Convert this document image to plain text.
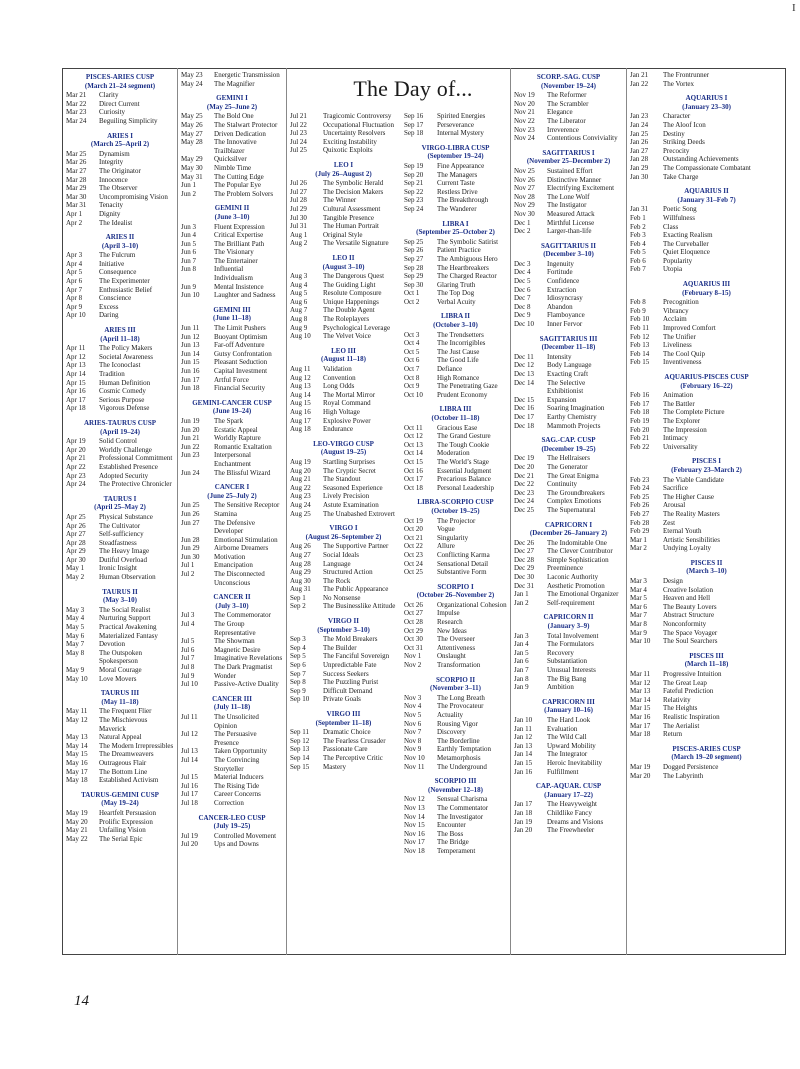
I
PISCES-ARIES CUSP
(March 21–24 segment)
Mar 21	Clarity
Mar 22	Direct Current
Mar 23	Curiosity
Mar 24	Beguiling Simplicity
ARIES I
(March 25–April 2)
Mar 25	Dynamism
Mar 26	Integrity
Mar 27	The Originator
Mar 28	Innocence
Mar 29	The Observer
Mar 30	Uncompromising Vision
Mar 31	Tenacity
Apr 1	Dignity
Apr 2	The Idealist
ARIES II
(April 3–10)
Apr 3	The Fulcrum
Apr 4	Initiative
Apr 5	Consequence
Apr 6	The Experimenter
Apr 7	Enthusiastic Belief
Apr 8	Conscience
Apr 9	Excess
Apr 10	Daring
ARIES III
(April 11–18)
Apr 11	The Policy Makers
Apr 12	Societal Awareness
Apr 13	The Iconoclast
Apr 14	Tradition
Apr 15	Human Definition
Apr 16	Cosmic Comedy
Apr 17	Serious Purpose
Apr 18	Vigorous Defense
ARIES-TAURUS CUSP
(April 19–24)
Apr 19	Solid Control
Apr 20	Worldly Challenge
Apr 21	Professional Commitment
Apr 22	Established Presence
Apr 23	Adopted Security
Apr 24	The Protective Chronicler
TAURUS I
(April 25–May 2)
Apr 25	Physical Substance
Apr 26	The Cultivator
Apr 27	Self-sufficiency
Apr 28	Steadfastness
Apr 29	The Heavy Image
Apr 30	Dutiful Overload
May 1	Ironic Insight
May 2	Human Observation
TAURUS II
(May 3–10)
May 3	The Social Realist
May 4	Nurturing Support
May 5	Practical Awakening
May 6	Materialized Fantasy
May 7	Devotion
May 8	The Outspoken Spokesperson
May 9	Moral Courage
May 10	Love Movers
TAURUS III
(May 11–18)
May 11	The Frequent Flier
May 12	The Mischievous Maverick
May 13	Natural Appeal
May 14	The Modern Irrepressibles
May 15	The Dreamweavers
May 16	Outrageous Flair
May 17	The Bottom Line
May 18	Established Activism
TAURUS-GEMINI CUSP
(May 19–24)
May 19	Heartfelt Persuasion
May 20	Prolific Expression
May 21	Unfailing Vision
May 22	The Serial Epic
May 23	Energetic Transmission
May 24	The Magnifier
GEMINI I
(May 25–June 2)
May 25	The Bold One
May 26	The Stalwart Protector
May 27	Driven Dedication
May 28	The Innovative Trailblazer
May 29	Quicksilver
May 30	Nimble Time
May 31	The Cutting Edge
Jun 1	The Popular Eye
Jun 2	The Problem Solvers
GEMINI II
(June 3–10)
Jun 3	Fluent Expression
Jun 4	Critical Expertise
Jun 5	The Brilliant Path
Jun 6	The Visionary
Jun 7	The Entertainer
Jun 8	Influential Individualism
Jun 9	Mental Insistence
Jun 10	Laughter and Sadness
GEMINI III
(June 11–18)
Jun 11	The Limit Pushers
Jun 12	Buoyant Optimism
Jun 13	Far-off Adventure
Jun 14	Gutsy Confrontation
Jun 15	Pleasant Seduction
Jun 16	Capital Investment
Jun 17	Artful Force
Jun 18	Financial Security
GEMINI-CANCER CUSP
(June 19–24)
Jun 19	The Spark
Jun 20	Ecstatic Appeal
Jun 21	Worldly Rapture
Jun 22	Romantic Exaltation
Jun 23	Interpersonal Enchantment
Jun 24	The Blissful Wizard
CANCER I
(June 25–July 2)
Jun 25	The Sensitive Receptor
Jun 26	Stamina
Jun 27	The Defensive Developer
Jun 28	Emotional Stimulation
Jun 29	Airborne Dreamers
Jun 30	Motivation
Jul 1	Emancipation
Jul 2	The Disconnected Unconscious
CANCER II
(July 3–10)
Jul 3	The Commemorator
Jul 4	The Group Representative
Jul 5	The Showman
Jul 6	Magnetic Desire
Jul 7	Imaginative Revelations
Jul 8	The Dark Pragmatist
Jul 9	Wonder
Jul 10	Passive-Active Duality
CANCER III
(July 11–18)
Jul 11	The Unsolicited Opinion
Jul 12	The Persuasive Presence
Jul 13	Taken Opportunity
Jul 14	The Convincing Storyteller
Jul 15	Material Inducers
Jul 16	The Rising Tide
Jul 17	Career Concerns
Jul 18	Correction
CANCER-LEO CUSP
(July 19–25)
Jul 19	Controlled Movement
Jul 20	Ups and Downs
Jul 21	Tragicomic Controversy
Jul 22	Occupational Fluctuation
Jul 23	Uncertainty Resolvers
Jul 24	Exciting Instability
Jul 25	Quixotic Exploits
LEO I
(July 26–August 2)
Jul 26	The Symbolic Herald
Jul 27	The Decision Makers
Jul 28	The Winner
Jul 29	Cultural Assessment
Jul 30	Tangible Presence
Jul 31	The Human Portrait
Aug 1	Original Style
Aug 2	The Versatile Signature
LEO II
(August 3–10)
Aug 3	The Dangerous Quest
Aug 4	The Guiding Light
Aug 5	Resolute Composure
Aug 6	Unique Happenings
Aug 7	The Double Agent
Aug 8	The Roleplayers
Aug 9	Psychological Leverage
Aug 10	The Velvet Voice
LEO III
(August 11–18)
Aug 11	Validation
Aug 12	Convention
Aug 13	Long Odds
Aug 14	The Mortal Mirror
Aug 15	Royal Command
Aug 16	High Voltage
Aug 17	Explosive Power
Aug 18	Endurance
LEO-VIRGO CUSP
(August 19–25)
Aug 19	Startling Surprises
Aug 20	The Cryptic Secret
Aug 21	The Standout
Aug 22	Seasoned Experience
Aug 23	Lively Precision
Aug 24	Astute Examination
Aug 25	The Unabashed Extrovert
VIRGO I
(August 26–September 2)
Aug 26	The Supportive Partner
Aug 27	Social Ideals
Aug 28	Language
Aug 29	Structured Action
Aug 30	The Rock
Aug 31	The Public Appearance
Sep 1	No Nonsense
Sep 2	The Businesslike Attitude
VIRGO II
(September 3–10)
Sep 3	The Mold Breakers
Sep 4	The Builder
Sep 5	The Fanciful Sovereign
Sep 6	Unpredictable Fate
Sep 7	Success Seekers
Sep 8	The Puzzling Purist
Sep 9	Difficult Demand
Sep 10	Private Goals
VIRGO III
(September 11–18)
Sep 11	Dramatic Choice
Sep 12	The Fearless Crusader
Sep 13	Passionate Care
Sep 14	The Perceptive Critic
Sep 15	Mastery
Sep 16	Spirited Energies
Sep 17	Perseverance
Sep 18	Internal Mystery
VIRGO-LIBRA CUSP
(September 19–24)
Sep 19	Fine Appearance
Sep 20	The Managers
Sep 21	Current Taste
Sep 22	Restless Drive
Sep 23	The Breakthrough
Sep 24	The Wanderer
LIBRA I
(September 25–October 2)
Sep 25	The Symbolic Satirist
Sep 26	Patient Practice
Sep 27	The Ambiguous Hero
Sep 28	The Heartbreakers
Sep 29	The Charged Reactor
Sep 30	Glaring Truth
Oct 1	The Top Dog
Oct 2	Verbal Acuity
LIBRA II
(October 3–10)
Oct 3	The Trendsetters
Oct 4	The Incorrigibles
Oct 5	The Just Cause
Oct 6	The Good Life
Oct 7	Defiance
Oct 8	High Romance
Oct 9	The Penetrating Gaze
Oct 10	Prudent Economy
LIBRA III
(October 11–18)
Oct 11	Gracious Ease
Oct 12	The Grand Gesture
Oct 13	The Tough Cookie
Oct 14	Moderation
Oct 15	The World’s Stage
Oct 16	Essential Judgment
Oct 17	Precarious Balance
Oct 18	Personal Leadership
LIBRA-SCORPIO CUSP
(October 19–25)
Oct 19	The Projector
Oct 20	Vogue
Oct 21	Singularity
Oct 22	Allure
Oct 23	Conflicting Karma
Oct 24	Sensational Detail
Oct 25	Substantive Form
SCORPIO I
(October 26–November 2)
Oct 26	Organizational Cohesion
Oct 27	Impulse
Oct 28	Research
Oct 29	New Ideas
Oct 30	The Overseer
Oct 31	Attentiveness
Nov 1	Onslaught
Nov 2	Transformation
SCORPIO II
(November 3–11)
Nov 3	The Long Breath
Nov 4	The Provocateur
Nov 5	Actuality
Nov 6	Rousing Vigor
Nov 7	Discovery
Nov 8	The Borderline
Nov 9	Earthly Temptation
Nov 10	Metamorphosis
Nov 11	The Underground
SCORPIO III
(November 12–18)
Nov 12	Sensual Charisma
Nov 13	The Commentator
Nov 14	The Investigator
Nov 15	Encounter
Nov 16	The Boss
Nov 17	The Bridge
Nov 18	Temperament
SCORP.-SAG. CUSP
(November 19–24)
Nov 19	The Reformer
Nov 20	The Scrambler
Nov 21	Elegance
Nov 22	The Liberator
Nov 23	Irreverence
Nov 24	Contentious Conviviality
SAGITTARIUS I
(November 25–December 2)
Nov 25	Sustained Effort
Nov 26	Distinctive Manner
Nov 27	Electrifying Excitement
Nov 28	The Lone Wolf
Nov 29	The Instigator
Nov 30	Measured Attack
Dec 1	Mirthful License
Dec 2	Larger-than-life
SAGITTARIUS II
(December 3–10)
Dec 3	Ingenuity
Dec 4	Fortitude
Dec 5	Confidence
Dec 6	Extraction
Dec 7	Idiosyncrasy
Dec 8	Abandon
Dec 9	Flamboyance
Dec 10	Inner Fervor
SAGITTARIUS III
(December 11–18)
Dec 11	Intensity
Dec 12	Body Language
Dec 13	Exacting Craft
Dec 14	The Selective Exhibitionist
Dec 15	Expansion
Dec 16	Soaring Imagination
Dec 17	Earthy Chemistry
Dec 18	Mammoth Projects
SAG.-CAP. CUSP
(December 19–25)
Dec 19	The Hellraisers
Dec 20	The Generator
Dec 21	The Great Enigma
Dec 22	Continuity
Dec 23	The Groundbreakers
Dec 24	Complex Emotions
Dec 25	The Supernatural
CAPRICORN I
(December 26–January 2)
Dec 26	The Indomitable One
Dec 27	The Clever Contributor
Dec 28	Simple Sophistication
Dec 29	Preeminence
Dec 30	Laconic Authority
Dec 31	Aesthetic Promotion
Jan 1	The Emotional Organizer
Jan 2	Self-requirement
CAPRICORN II
(January 3–9)
Jan 3	Total Involvement
Jan 4	The Formulators
Jan 5	Recovery
Jan 6	Substantiation
Jan 7	Unusual Interests
Jan 8	The Big Bang
Jan 9	Ambition
CAPRICORN III
(January 10–16)
Jan 10	The Hard Look
Jan 11	Evaluation
Jan 12	The Wild Call
Jan 13	Upward Mobility
Jan 14	The Integrator
Jan 15	Heroic Inevitability
Jan 16	Fulfillment
CAP.-AQUAR. CUSP
(January 17–22)
Jan 17	The Heavyweight
Jan 18	Childlike Fancy
Jan 19	Dreams and Visions
Jan 20	The Freewheeler
Jan 21	The Frontrunner
Jan 22	The Vortex
AQUARIUS I
(January 23–30)
Jan 23	Character
Jan 24	The Aloof Icon
Jan 25	Destiny
Jan 26	Striking Deeds
Jan 27	Precocity
Jan 28	Outstanding Achievements
Jan 29	The Compassionate Combatant
Jan 30	Take Charge
AQUARIUS II
(January 31–Feb 7)
Jan 31	Poetic Song
Feb 1	Willfulness
Feb 2	Class
Feb 3	Exacting Realism
Feb 4	The Curveballer
Feb 5	Quiet Eloquence
Feb 6	Popularity
Feb 7	Utopia
AQUARIUS III
(February 8–15)
Feb 8	Precognition
Feb 9	Vibrancy
Feb 10	Acclaim
Feb 11	Improved Comfort
Feb 12	The Unifier
Feb 13	Liveliness
Feb 14	The Cool Quip
Feb 15	Inventiveness
AQUARIUS-PISCES CUSP
(February 16–22)
Feb 16	Animation
Feb 17	The Battler
Feb 18	The Complete Picture
Feb 19	The Explorer
Feb 20	The Impression
Feb 21	Intimacy
Feb 22	Universality
PISCES I
(February 23–March 2)
Feb 23	The Viable Candidate
Feb 24	Sacrifice
Feb 25	The Higher Cause
Feb 26	Arousal
Feb 27	The Reality Masters
Feb 28	Zest
Feb 29	Eternal Youth
Mar 1	Artistic Sensibilities
Mar 2	Undying Loyalty
PISCES II
(March 3–10)
Mar 3	Design
Mar 4	Creative Isolation
Mar 5	Heaven and Hell
Mar 6	The Beauty Lovers
Mar 7	Abstract Structure
Mar 8	Nonconformity
Mar 9	The Space Voyager
Mar 10	The Soul Searchers
PISCES III
(March 11–18)
Mar 11	Progressive Intuition
Mar 12	The Great Leap
Mar 13	Fateful Prediction
Mar 14	Relativity
Mar 15	The Heights
Mar 16	Realistic Inspiration
Mar 17	The Aerialist
Mar 18	Return
PISCES-ARIES CUSP
(March 19–20 segment)
Mar 19	Dogged Persistence
Mar 20	The Labyrinth
The Day of...
14
